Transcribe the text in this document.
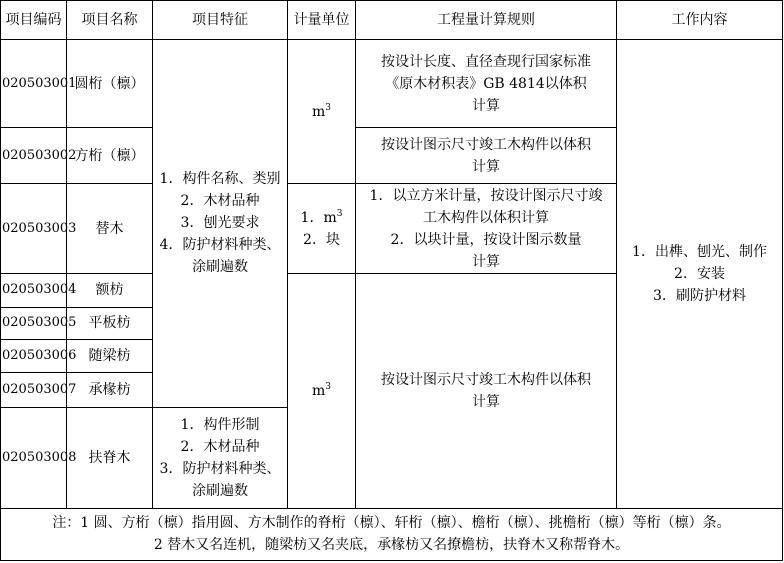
项目编码	项目名称	项目特征	计量单位	工程量计算规则	工作内容
020503001	圆桁（檩）	1．构件名称、类别
2．木材品种
3．刨光要求
4．防护材料种类、
涂刷遍数	$m^3$	按设计长度、直径查现行国家标准
《原木材积表》GB 4814以体积
计算	1．出榫、刨光、制作
2．安装
3．刷防护材料

020503002	方桁（檩）			按设计图示尺寸竣工木构件以体积
计算	

020503003	替木		1．$m^3$
2．块	1．以立方米计量，按设计图示尺寸竣
工木构件以体积计算
2．以块计量，按设计图示数量
计算	

020503004	额枋		$m^3$	按设计图示尺寸竣工木构件以体积
计算	

020503005	平板枋				
020503006	随梁枋				
020503007	承椽枋				
020503008	扶脊木	1．构件形制
2．木材品种
3．防护材料种类、
涂刷遍数			

注：1 圆、方桁（檩）指用圆、方木制作的脊桁（檩）、轩桁（檩）、檐桁（檩）、挑檐桁（檩）等桁（檩）条。
2 替木又名连机，随梁枋又名夹底，承椽枋又名撩檐枋，扶脊木又称帮脊木。					
